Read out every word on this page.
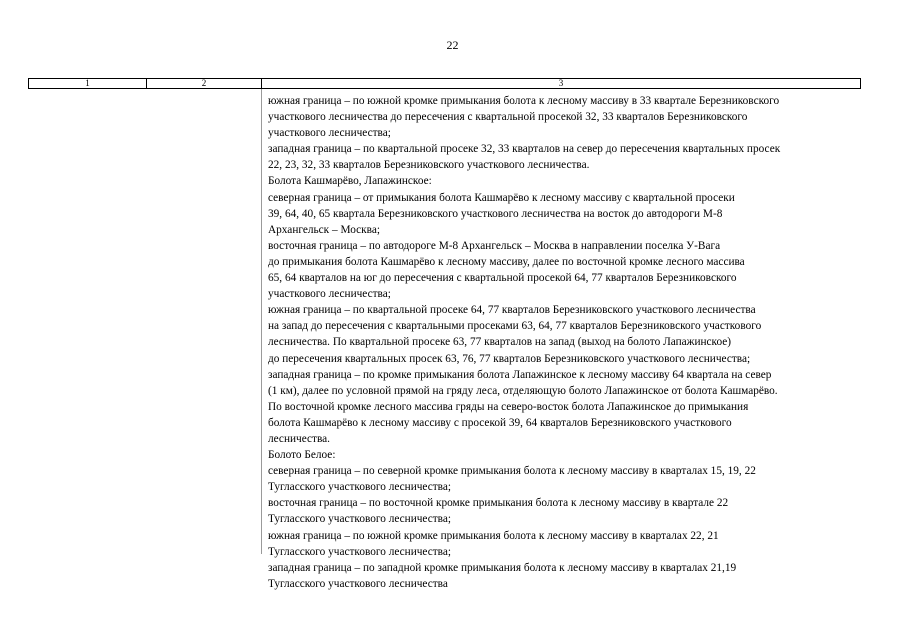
22
1	2	3
южная граница – по южной кромке примыкания болота к лесному массиву в 33 квартале Березниковского
участкового лесничества до пересечения с квартальной просекой 32, 33 кварталов Березниковского
участкового лесничества;
западная граница – по квартальной просеке 32, 33 кварталов на север до пересечения квартальных просек
22, 23, 32, 33 кварталов Березниковского участкового лесничества.
Болота Кашмарёво, Лапажинское:
северная граница – от примыкания болота Кашмарёво к лесному массиву с квартальной просеки
39, 64, 40, 65 квартала Березниковского участкового лесничества на восток до автодороги М-8
Архангельск – Москва;
восточная граница – по автодорогe М-8 Архангельск – Москва в направлении поселка У-Вага
до примыкания болота Кашмарёво к лесному массиву, далее по восточной кромке лесного массива
65, 64 кварталов на юг до пересечения с квартальной просекой 64, 77 кварталов Березниковского
участкового лесничества;
южная граница – по квартальной просеке 64, 77 кварталов Березниковского участкового лесничества
на запад до пересечения с квартальными просеками 63, 64, 77 кварталов Березниковского участкового
лесничества. По квартальной просеке 63, 77 кварталов на запад (выход на болото Лапажинское)
до пересечения квартальных просек 63, 76, 77 кварталов Березниковского участкового лесничества;
западная граница – по кромке примыкания болота Лапажинское к лесному массиву 64 квартала на север
(1 км), далее по условной прямой на гряду леса, отделяющую болото Лапажинское от болота Кашмарёво.
По восточной кромке лесного массива гряды на северо-восток болота Лапажинское до примыкания
болота Кашмарёво к лесному массиву с просекой 39, 64 кварталов Березниковского участкового
лесничества.
Болото Белое:
северная граница – по северной кромке примыкания болота к лесному массиву в кварталах 15, 19, 22
Тугласского участкового лесничества;
восточная граница – по восточной кромке примыкания болота к лесному массиву в квартале 22
Тугласского участкового лесничества;
южная граница – по южной кромке примыкания болота к лесному массиву в кварталах 22, 21
Тугласского участкового лесничества;
западная граница – по западной кромке примыкания болота к лесному массиву в кварталах 21,19
Тугласского участкового лесничества
